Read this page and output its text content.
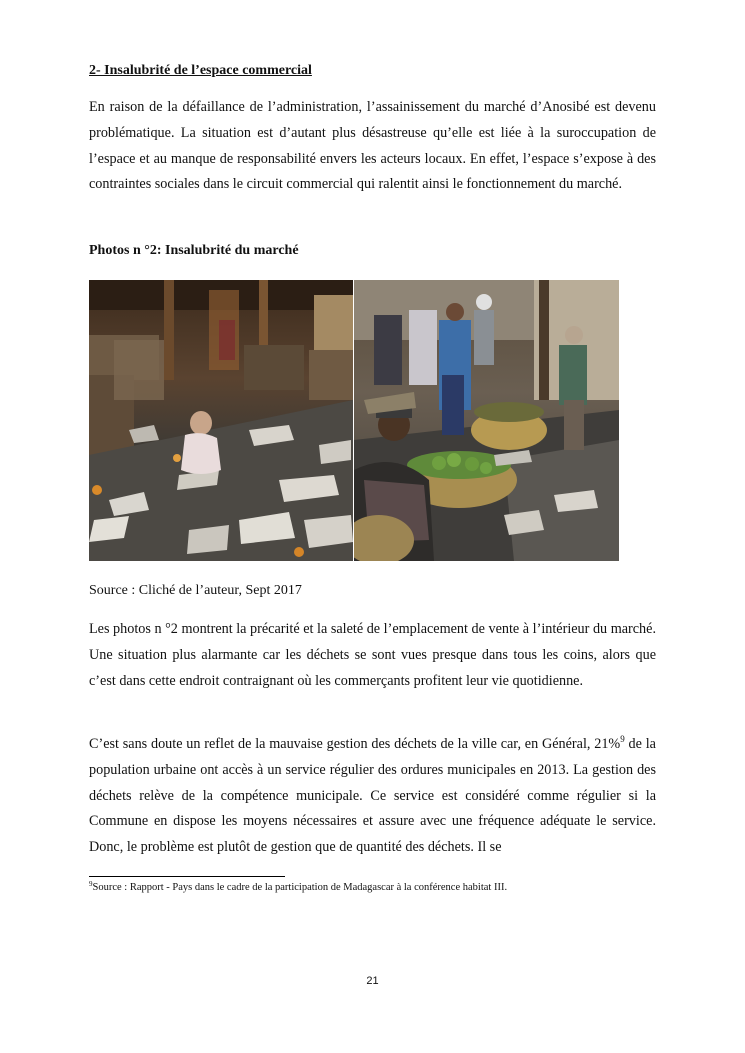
2- Insalubrité de l’espace commercial

En raison de la défaillance de l’administration, l’assainissement du marché d’Anosibé est devenu problématique. La situation est d’autant plus désastreuse qu’elle est liée à la suroccupation de l’espace et au manque de responsabilité envers les acteurs locaux. En effet, l’espace s’expose à des contraintes sociales dans le circuit commercial qui ralentit ainsi le fonctionnement du marché.

Photos n °2: Insalubrité du marché

Source : Cliché de l’auteur, Sept 2017

Les photos n °2 montrent la précarité et la saleté de l’emplacement de vente à l’intérieur du marché. Une situation plus alarmante car les déchets se sont vues presque dans tous les coins, alors que c’est dans cette endroit contraignant où les commerçants profitent leur vie quotidienne.

C’est sans doute un reflet de la mauvaise gestion des déchets de la ville car, en Général, 21%$^9$ de la population urbaine ont accès à un service régulier des ordures municipales en 2013. La gestion des déchets relève de la compétence municipale. Ce service est considéré comme régulier si la Commune en dispose les moyens nécessaires et assure avec une fréquence adéquate le service. Donc, le problème est plutôt de gestion que de quantité des déchets. Il se

$^9$Source : Rapport - Pays dans le cadre de la participation de Madagascar à la conférence habitat III.

21
